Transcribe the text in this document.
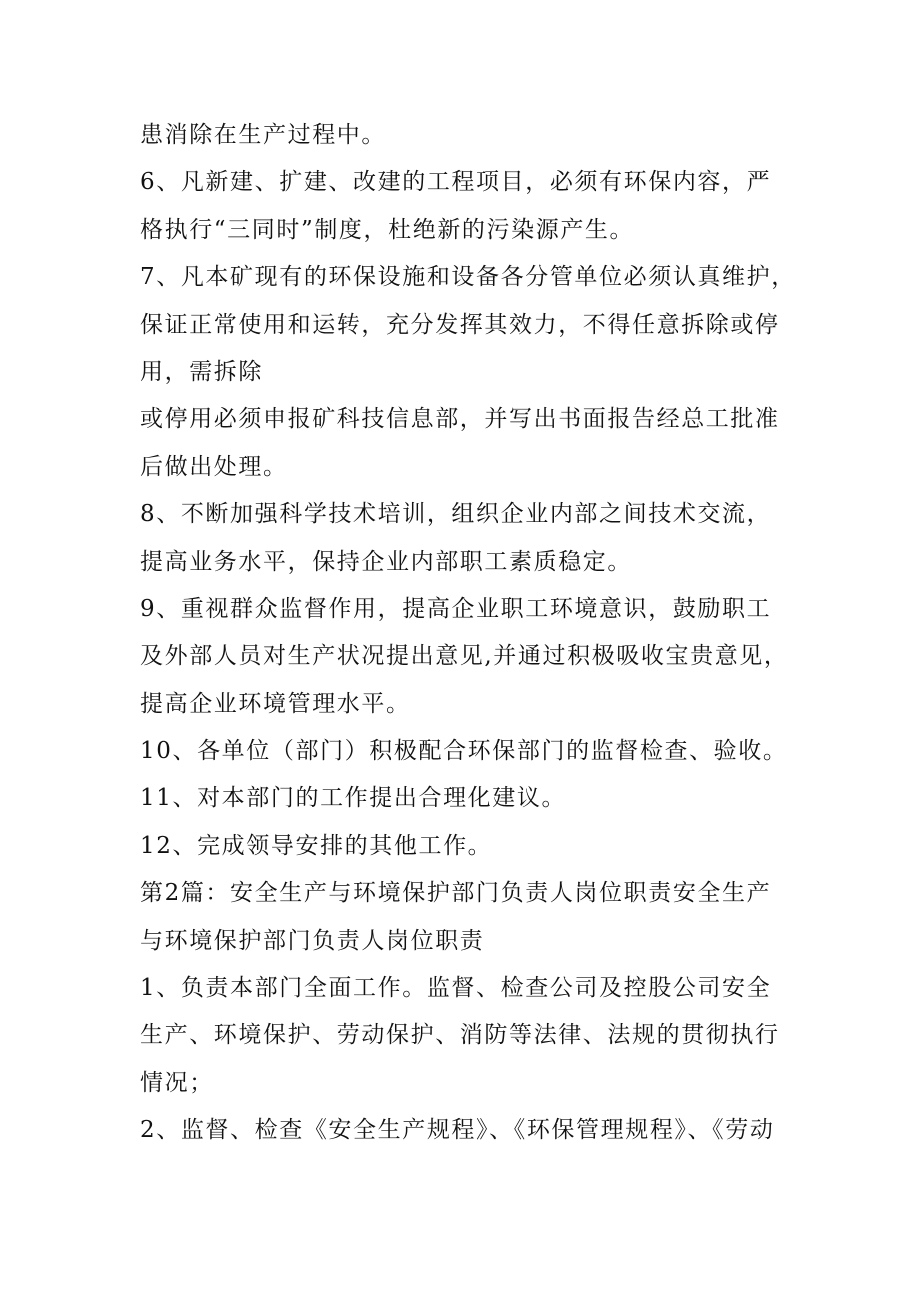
患消除在生产过程中。
6、凡新建、扩建、改建的工程项目，必须有环保内容，严
格执行“三同时”制度，杜绝新的污染源产生。
7、凡本矿现有的环保设施和设备各分管单位必须认真维护，
保证正常使用和运转，充分发挥其效力，不得任意拆除或停
用，需拆除
或停用必须申报矿科技信息部，并写出书面报告经总工批准
后做出处理。
8、不断加强科学技术培训，组织企业内部之间技术交流，
提高业务水平，保持企业内部职工素质稳定。
9、重视群众监督作用，提高企业职工环境意识，鼓励职工
及外部人员对生产状况提出意见,并通过积极吸收宝贵意见，
提高企业环境管理水平。
10、各单位（部门）积极配合环保部门的监督检查、验收。
11、对本部门的工作提出合理化建议。
12、完成领导安排的其他工作。
第2篇：安全生产与环境保护部门负责人岗位职责安全生产
与环境保护部门负责人岗位职责
1、负责本部门全面工作。监督、检查公司及控股公司安全
生产、环境保护、劳动保护、消防等法律、法规的贯彻执行
情况；
2、监督、检查《安全生产规程》、《环保管理规程》、《劳动
